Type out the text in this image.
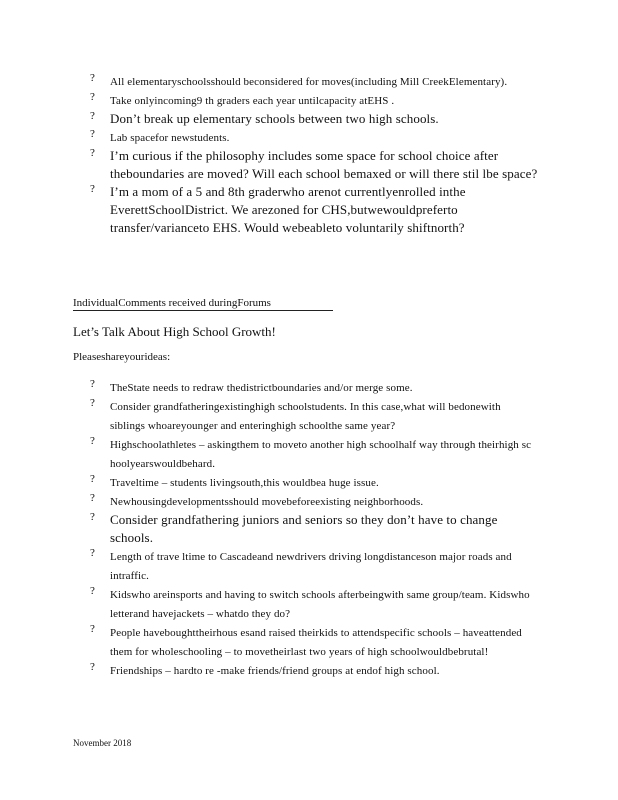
? All elementaryschoolsshould beconsidered for moves(including Mill CreekElementary).
? Take onlyincoming9 th graders each year untilcapacity atEHS .
? Don’t break up elementary schools between two high schools.
? Lab spacefor newstudents.
? I’m curious if the philosophy includes some space for school choice after theboundaries are moved? Will each school bemaxed or will there stil lbe space?
? I’m a mom of a 5 and 8th graderwho arenot currentlyenrolled inthe EverettSchoolDistrict. We arezoned for CHS,butwewouldpreferto transfer/varianceto EHS. Would webeableto voluntarily shiftnorth?
IndividualComments received duringForums
Let’s Talk About High School Growth!
Pleaseshareyourideas:
? TheState needs to redraw thedistrictboundaries and/or merge some.
? Consider grandfatheringexistinghigh schoolstudents. In this case,what will bedonewith siblings whoareyounger and enteringhigh schoolthe same year?
? Highschoolathletes – askingthem to moveto another high schoolhalf way through theirhigh sc hoolyearswouldbehard.
? Traveltime – students livingsouth,this wouldbea huge issue.
? Newhousingdevelopmentsshould movebeforeexisting neighborhoods.
? Consider grandfathering juniors and seniors so they don’t have to change schools.
? Length of trave ltime to Cascadeand newdrivers driving longdistanceson major roads and intraffic.
? Kidswho areinsports and having to switch schools afterbeingwith same group/team. Kidswho letterand havejackets – whatdo they do?
? People haveboughttheirhous esand raised theirkids to attendspecific schools – haveattended them for wholeschooling – to movetheirlast two years of high schoolwouldbebrutal!
? Friendships – hardto re -make friends/friend groups at endof high school.
November 2018
